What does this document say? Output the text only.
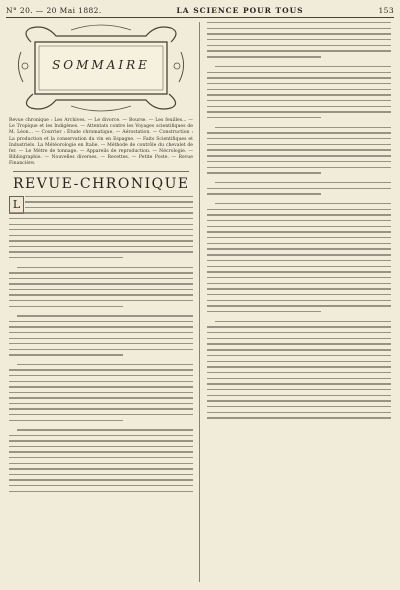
N° 20. — 20 Mai 1882.	LA SCIENCE POUR TOUS	153
SOMMAIRE
Revue chronique : Les Archives. — Le divorce. — Bourse. — Les feuilles... — Le Tropique et les Indigènes. — Attentats contre les Voyages scientifiques de M. Léon... — Courrier : Étude chromatique. — Aérostation. — Construction : La production et la conservation du vin en Espagne. — Faits Scientifiques et Industriels. La Météorologie en Italie. — Méthode de contrôle du chevalet de fer. — Le Mètre de tonnage. — Appareils de reproduction. — Nécrologie. — Bibliographie. — Nouvelles diverses. — Recettes. — Petite Poste. — Revue Financière.
REVUE-CHRONIQUE
L
